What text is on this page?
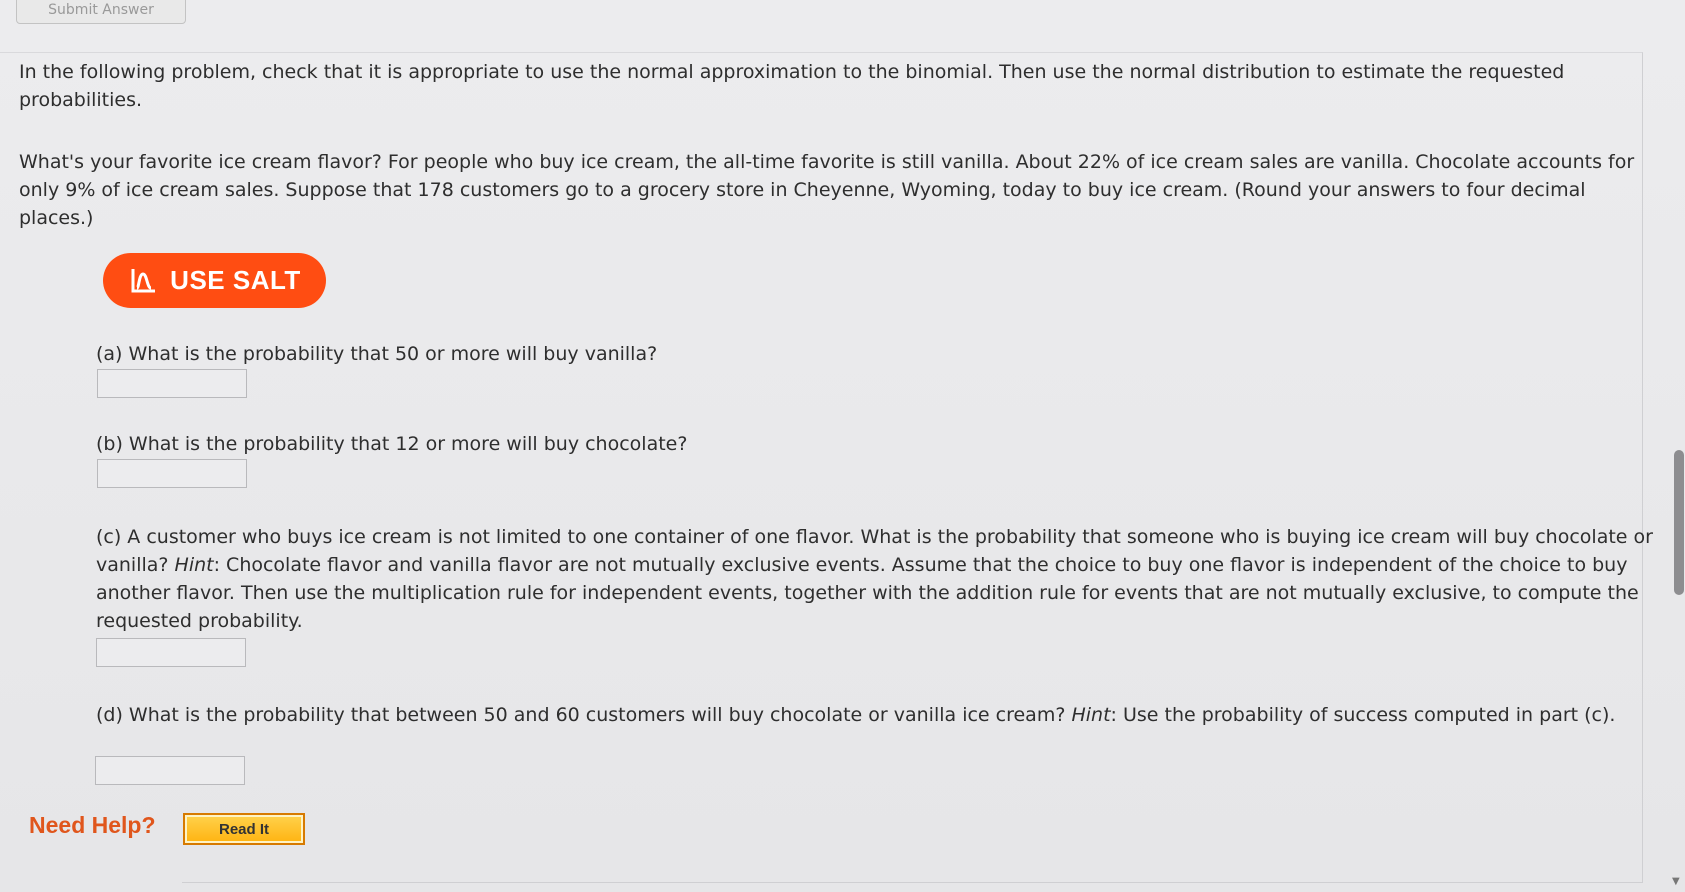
Submit Answer
In the following problem, check that it is appropriate to use the normal approximation to the binomial. Then use the normal distribution to estimate the requested probabilities.
What's your favorite ice cream flavor? For people who buy ice cream, the all-time favorite is still vanilla. About 22% of ice cream sales are vanilla. Chocolate accounts for only 9% of ice cream sales. Suppose that 178 customers go to a grocery store in Cheyenne, Wyoming, today to buy ice cream. (Round your answers to four decimal places.)
USE SALT
(a) What is the probability that 50 or more will buy vanilla?
(b) What is the probability that 12 or more will buy chocolate?
(c) A customer who buys ice cream is not limited to one container of one flavor. What is the probability that someone who is buying ice cream will buy chocolate or vanilla? Hint: Chocolate flavor and vanilla flavor are not mutually exclusive events. Assume that the choice to buy one flavor is independent of the choice to buy another flavor. Then use the multiplication rule for independent events, together with the addition rule for events that are not mutually exclusive, to compute the requested probability.
(d) What is the probability that between 50 and 60 customers will buy chocolate or vanilla ice cream? Hint: Use the probability of success computed in part (c).
Need Help?	Read It
▼
